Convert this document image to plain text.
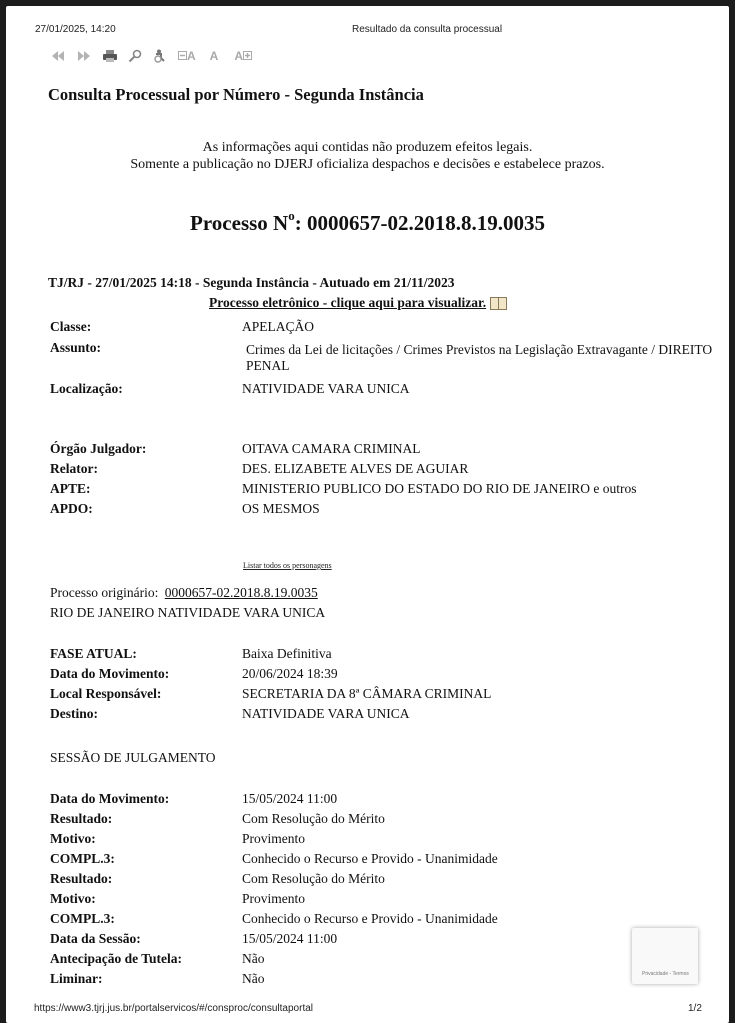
27/01/2025, 14:20	Resultado da consulta processual
A A A
Consulta Processual por Número - Segunda Instância
As informações aqui contidas não produzem efeitos legais.
Somente a publicação no DJERJ oficializa despachos e decisões e estabelece prazos.
Processo $N^o$: 0000657-02.2018.8.19.0035
TJ/RJ - 27/01/2025 14:18 - Segunda Instância - Autuado em 21/11/2023
Processo eletrônico - clique aqui para visualizar.
Classe:	APELAÇÃO
Assunto:	Crimes da Lei de licitações / Crimes Previstos na Legislação Extravagante / DIREITO PENAL
Localização:	NATIVIDADE VARA UNICA
Órgão Julgador:	OITAVA CAMARA CRIMINAL
Relator:	DES. ELIZABETE ALVES DE AGUIAR
APTE:	MINISTERIO PUBLICO DO ESTADO DO RIO DE JANEIRO e outros
APDO:	OS MESMOS
Listar todos os personagens
Processo originário: 0000657-02.2018.8.19.0035
RIO DE JANEIRO NATIVIDADE VARA UNICA
FASE ATUAL:	Baixa Definitiva
Data do Movimento:	20/06/2024 18:39
Local Responsável:	SECRETARIA DA 8ª CÂMARA CRIMINAL
Destino:	NATIVIDADE VARA UNICA
SESSÃO DE JULGAMENTO
Data do Movimento:	15/05/2024 11:00
Resultado:	Com Resolução do Mérito
Motivo:	Provimento
COMPL.3:	Conhecido o Recurso e Provido - Unanimidade
Resultado:	Com Resolução do Mérito
Motivo:	Provimento
COMPL.3:	Conhecido o Recurso e Provido - Unanimidade
Data da Sessão:	15/05/2024 11:00
Antecipação de Tutela:	Não
Liminar:	Não	Privacidade - Termos
https://www3.tjrj.jus.br/portalservicos/#/consproc/consultaportal	1/2
